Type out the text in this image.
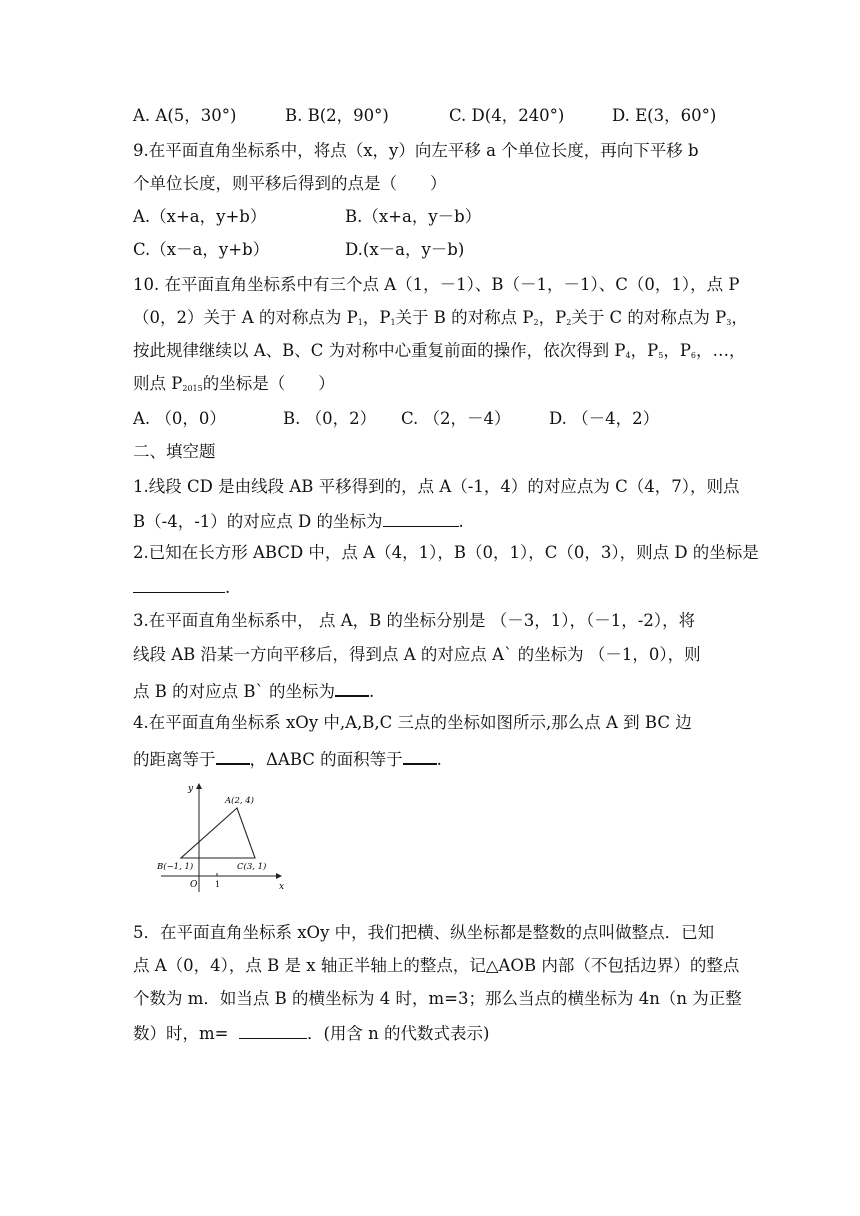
A. A(5，30°)	B. B(2，90°)	C. D(4，240°)	D. E(3，60°)
9.在平面直角坐标系中，将点（x，y）向左平移 a 个单位长度，再向下平移 b
个单位长度，则平移后得到的点是（　　）
A.（x+a，y+b）	B.（x+a，y－b）
C.（x－a，y+b）	D.(x－a，y－b)
10. 在平面直角坐标系中有三个点 A（1，－1）、B（－1，－1）、C（0，1），点 P
（0，2）关于 A 的对称点为 $P_1$，$P_1$关于 B 的对称点 $P_2$，$P_2$关于 C 的对称点为 $P_3$，
按此规律继续以 A、B、C 为对称中心重复前面的操作，依次得到 $P_4$，$P_5$，$P_6$，…，
则点 $P_{2015}$的坐标是（　　）
A. （0，0）	B. （0，2） C. （2，－4） D. （－4，2）
二、填空题
1.线段 CD 是由线段 AB 平移得到的，点 A（-1，4）的对应点为 C（4，7），则点
B（-4，-1）的对应点 D 的坐标为	.
2.已知在长方形 ABCD 中，点 A（4，1），B（0，1），C（0，3），则点 D 的坐标是
.
3.在平面直角坐标系中， 点 A，B 的坐标分别是 （－3，1），（－1，-2），将
线段 AB 沿某一方向平移后，得到点 A 的对应点 A` 的坐标为 （－1，0），则
点 B 的对应点 B` 的坐标为 .
4.在平面直角坐标系 xOy 中,A,B,C 三点的坐标如图所示,那么点 A 到 BC 边
的距离等于 ，ΔABC 的面积等于 .
x
y
O 1
A(2, 4)
B(−1, 1)	C(3, 1)
5．在平面直角坐标系 xOy 中，我们把横、纵坐标都是整数的点叫做整点．已知
点 A（0，4），点 B 是 x 轴正半轴上的整点，记△AOB 内部（不包括边界）的整点
个数为 m．如当点 B 的横坐标为 4 时，m=3；那么当点的横坐标为 4n（n 为正整
数）时，m=	．(用含 n 的代数式表示)
